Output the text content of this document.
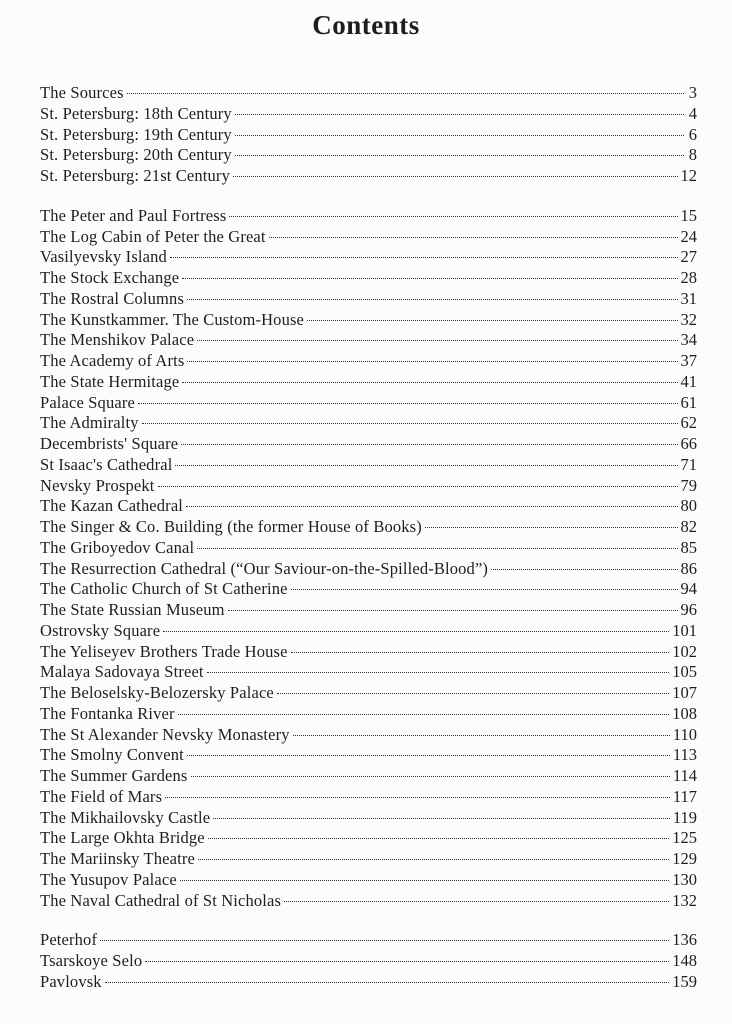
Contents
The Sources	3
St. Petersburg: 18th Century	4
St. Petersburg: 19th Century	6
St. Petersburg: 20th Century	8
St. Petersburg: 21st Century	12
The Peter and Paul Fortress	15
The Log Cabin of Peter the Great	24
Vasilyevsky Island	27
The Stock Exchange	28
The Rostral Columns	31
The Kunstkammer. The Custom-House	32
The Menshikov Palace	34
The Academy of Arts	37
The State Hermitage	41
Palace Square	61
The Admiralty	62
Decembrists' Square	66
St Isaac's Cathedral	71
Nevsky Prospekt	79
The Kazan Cathedral	80
The Singer & Co. Building (the former House of Books)	82
The Griboyedov Canal	85
The Resurrection Cathedral (“Our Saviour-on-the-Spilled-Blood”)	86
The Catholic Church of St Catherine	94
The State Russian Museum	96
Ostrovsky Square	101
The Yeliseyev Brothers Trade House	102
Malaya Sadovaya Street	105
The Beloselsky-Belozersky Palace	107
The Fontanka River	108
The St Alexander Nevsky Monastery	110
The Smolny Convent	113
The Summer Gardens	114
The Field of Mars	117
The Mikhailovsky Castle	119
The Large Okhta Bridge	125
The Mariinsky Theatre	129
The Yusupov Palace	130
The Naval Cathedral of St Nicholas	132
Peterhof	136
Tsarskoye Selo	148
Pavlovsk	159
